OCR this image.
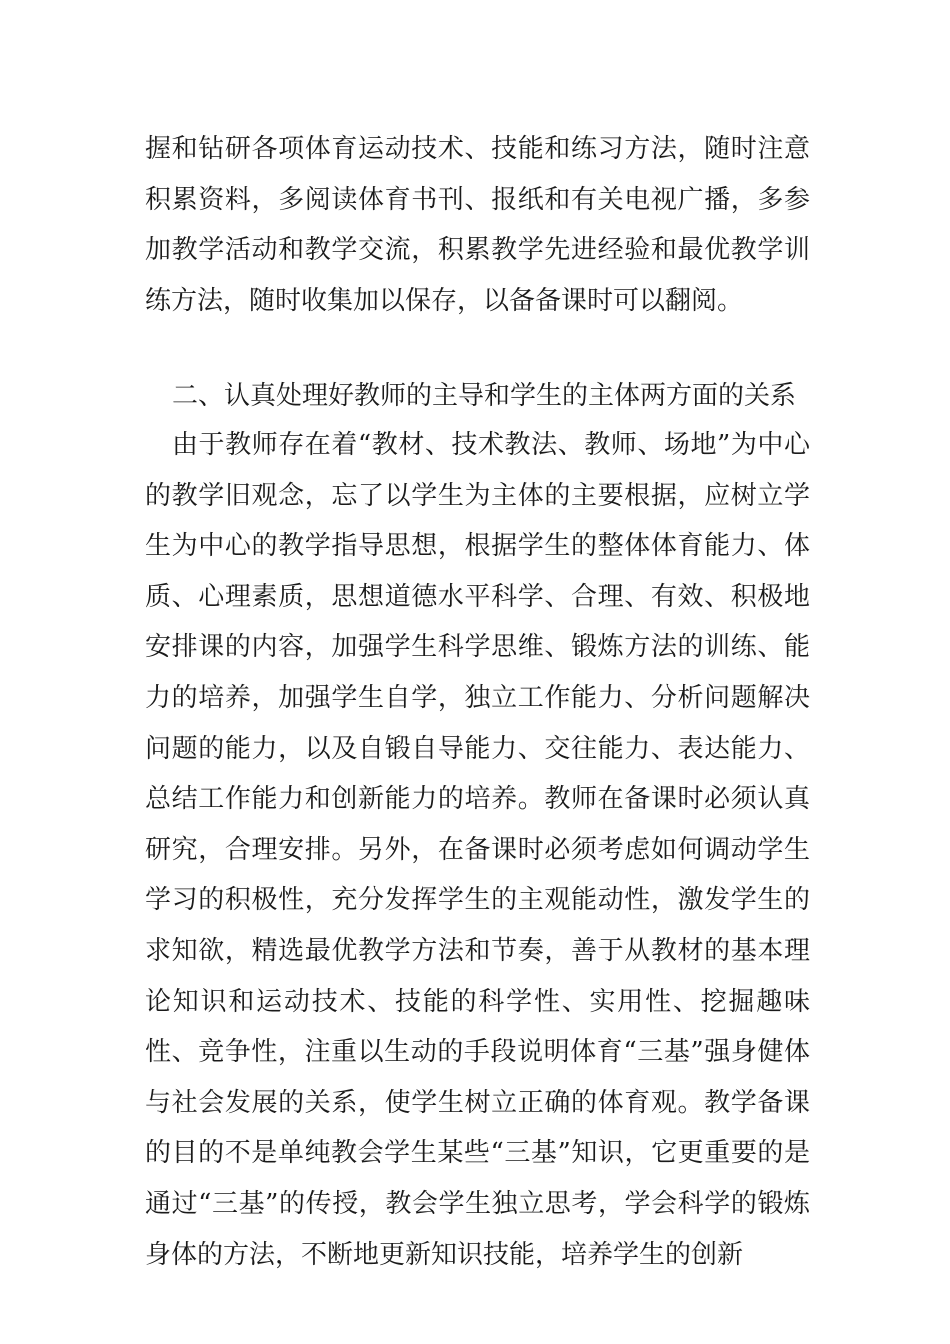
握和钻研各项体育运动技术、技能和练习方法，随时注意积累资料，多阅读体育书刊、报纸和有关电视广播，多参加教学活动和教学交流，积累教学先进经验和最优教学训练方法，随时收集加以保存，以备备课时可以翻阅。

二、认真处理好教师的主导和学生的主体两方面的关系

由于教师存在着“教材、技术教法、教师、场地”为中心的教学旧观念，忘了以学生为主体的主要根据，应树立学生为中心的教学指导思想，根据学生的整体体育能力、体质、心理素质，思想道德水平科学、合理、有效、积极地安排课的内容，加强学生科学思维、锻炼方法的训练、能力的培养，加强学生自学，独立工作能力、分析问题解决问题的能力，以及自锻自导能力、交往能力、表达能力、总结工作能力和创新能力的培养。教师在备课时必须认真研究，合理安排。另外，在备课时必须考虑如何调动学生学习的积极性，充分发挥学生的主观能动性，激发学生的求知欲，精选最优教学方法和节奏，善于从教材的基本理论知识和运动技术、技能的科学性、实用性、挖掘趣味性、竞争性，注重以生动的手段说明体育“三基”强身健体与社会发展的关系，使学生树立正确的体育观。教学备课的目的不是单纯教会学生某些“三基”知识，它更重要的是通过“三基”的传授，教会学生独立思考，学会科学的锻炼身体的方法，不断地更新知识技能，培养学生的创新
